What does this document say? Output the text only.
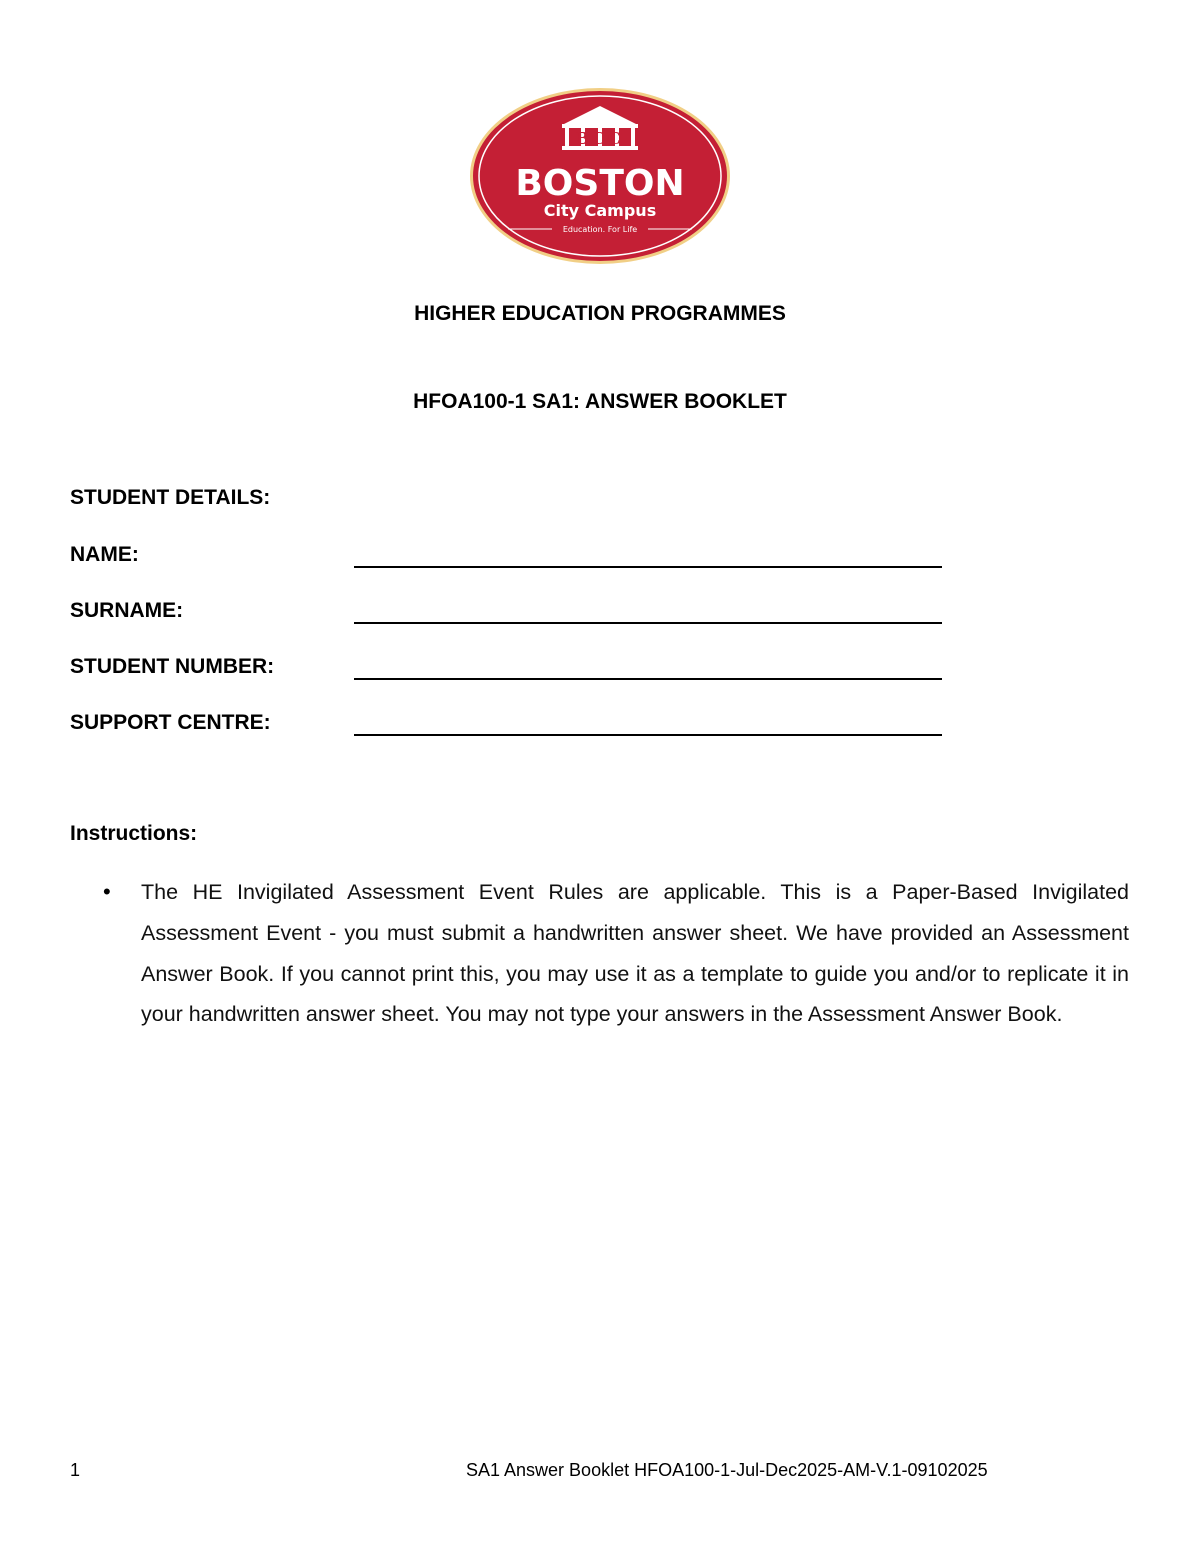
BCC
BOSTON
City Campus
Education. For Life
HIGHER EDUCATION PROGRAMMES
HFOA100-1 SA1: ANSWER BOOKLET
STUDENT DETAILS:
NAME:
SURNAME:
STUDENT NUMBER:
SUPPORT CENTRE:
Instructions:
• The HE Invigilated Assessment Event Rules are applicable. This is a Paper-Based Invigilated Assessment Event - you must submit a handwritten answer sheet. We have provided an Assessment Answer Book. If you cannot print this, you may use it as a template to guide you and/or to replicate it in your handwritten answer sheet. You may not type your answers in the Assessment Answer Book.
1	SA1 Answer Booklet HFOA100-1-Jul-Dec2025-AM-V.1-09102025
